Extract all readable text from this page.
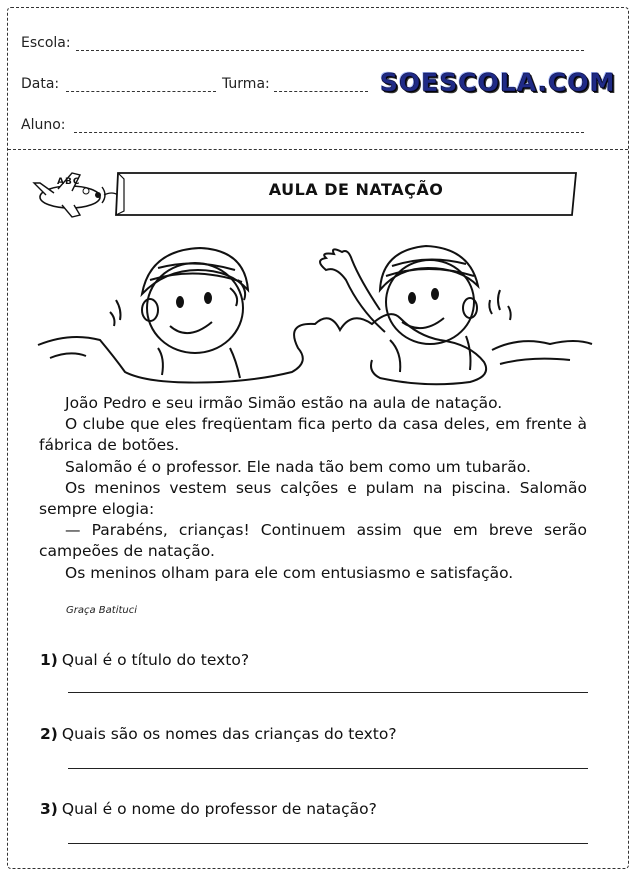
Escola:
Data:	Turma:	SOESCOLA.COM
Aluno:
ABC	AULA DE NATAÇÃO

João Pedro e seu irmão Simão estão na aula de natação.

O clube que eles freqüentam fica perto da casa deles, em frente à fábrica de botões.

Salomão é o professor. Ele nada tão bem como um tubarão.

Os meninos vestem seus calções e pulam na piscina. Salomão sempre elogia:

— Parabéns, crianças! Continuem assim que em breve serão campeões de natação.

Os meninos olham para ele com entusiasmo e satisfação.

Graça Batituci
1) Qual é o título do texto?
2) Quais são os nomes das crianças do texto?
3) Qual é o nome do professor de natação?
